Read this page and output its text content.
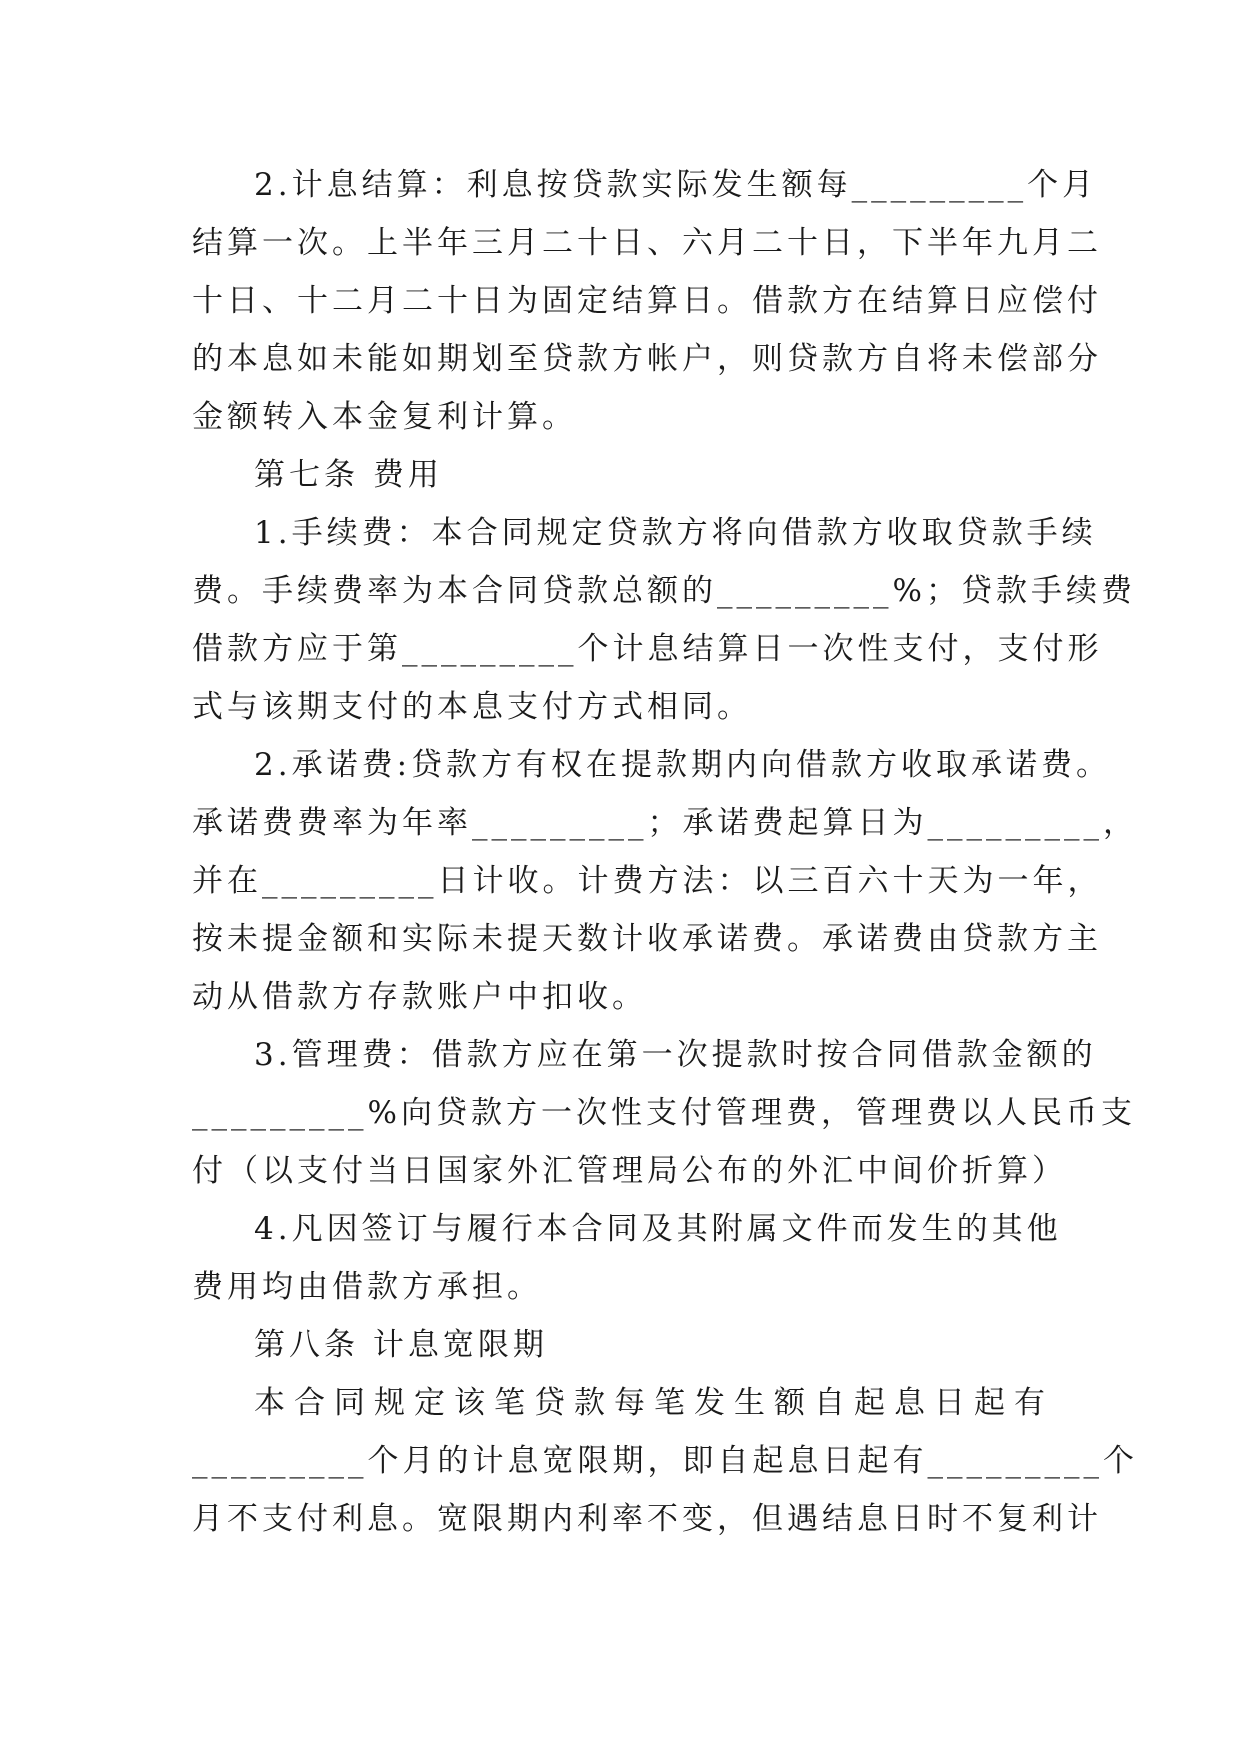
2.计息结算：利息按贷款实际发生额每_________个月
结算一次。上半年三月二十日、六月二十日，下半年九月二
十日、十二月二十日为固定结算日。借款方在结算日应偿付
的本息如未能如期划至贷款方帐户，则贷款方自将未偿部分
金额转入本金复利计算。
第七条 费用
1.手续费：本合同规定贷款方将向借款方收取贷款手续
费。手续费率为本合同贷款总额的_________%；贷款手续费
借款方应于第_________个计息结算日一次性支付，支付形
式与该期支付的本息支付方式相同。
2.承诺费:贷款方有权在提款期内向借款方收取承诺费。
承诺费费率为年率_________；承诺费起算日为_________，
并在_________日计收。计费方法：以三百六十天为一年，
按未提金额和实际未提天数计收承诺费。承诺费由贷款方主
动从借款方存款账户中扣收。
3.管理费：借款方应在第一次提款时按合同借款金额的
_________%向贷款方一次性支付管理费，管理费以人民币支
付（以支付当日国家外汇管理局公布的外汇中间价折算）
4.凡因签订与履行本合同及其附属文件而发生的其他
费用均由借款方承担。
第八条 计息宽限期
本合同规定该笔贷款每笔发生额自起息日起有
_________个月的计息宽限期，即自起息日起有_________个
月不支付利息。宽限期内利率不变，但遇结息日时不复利计
